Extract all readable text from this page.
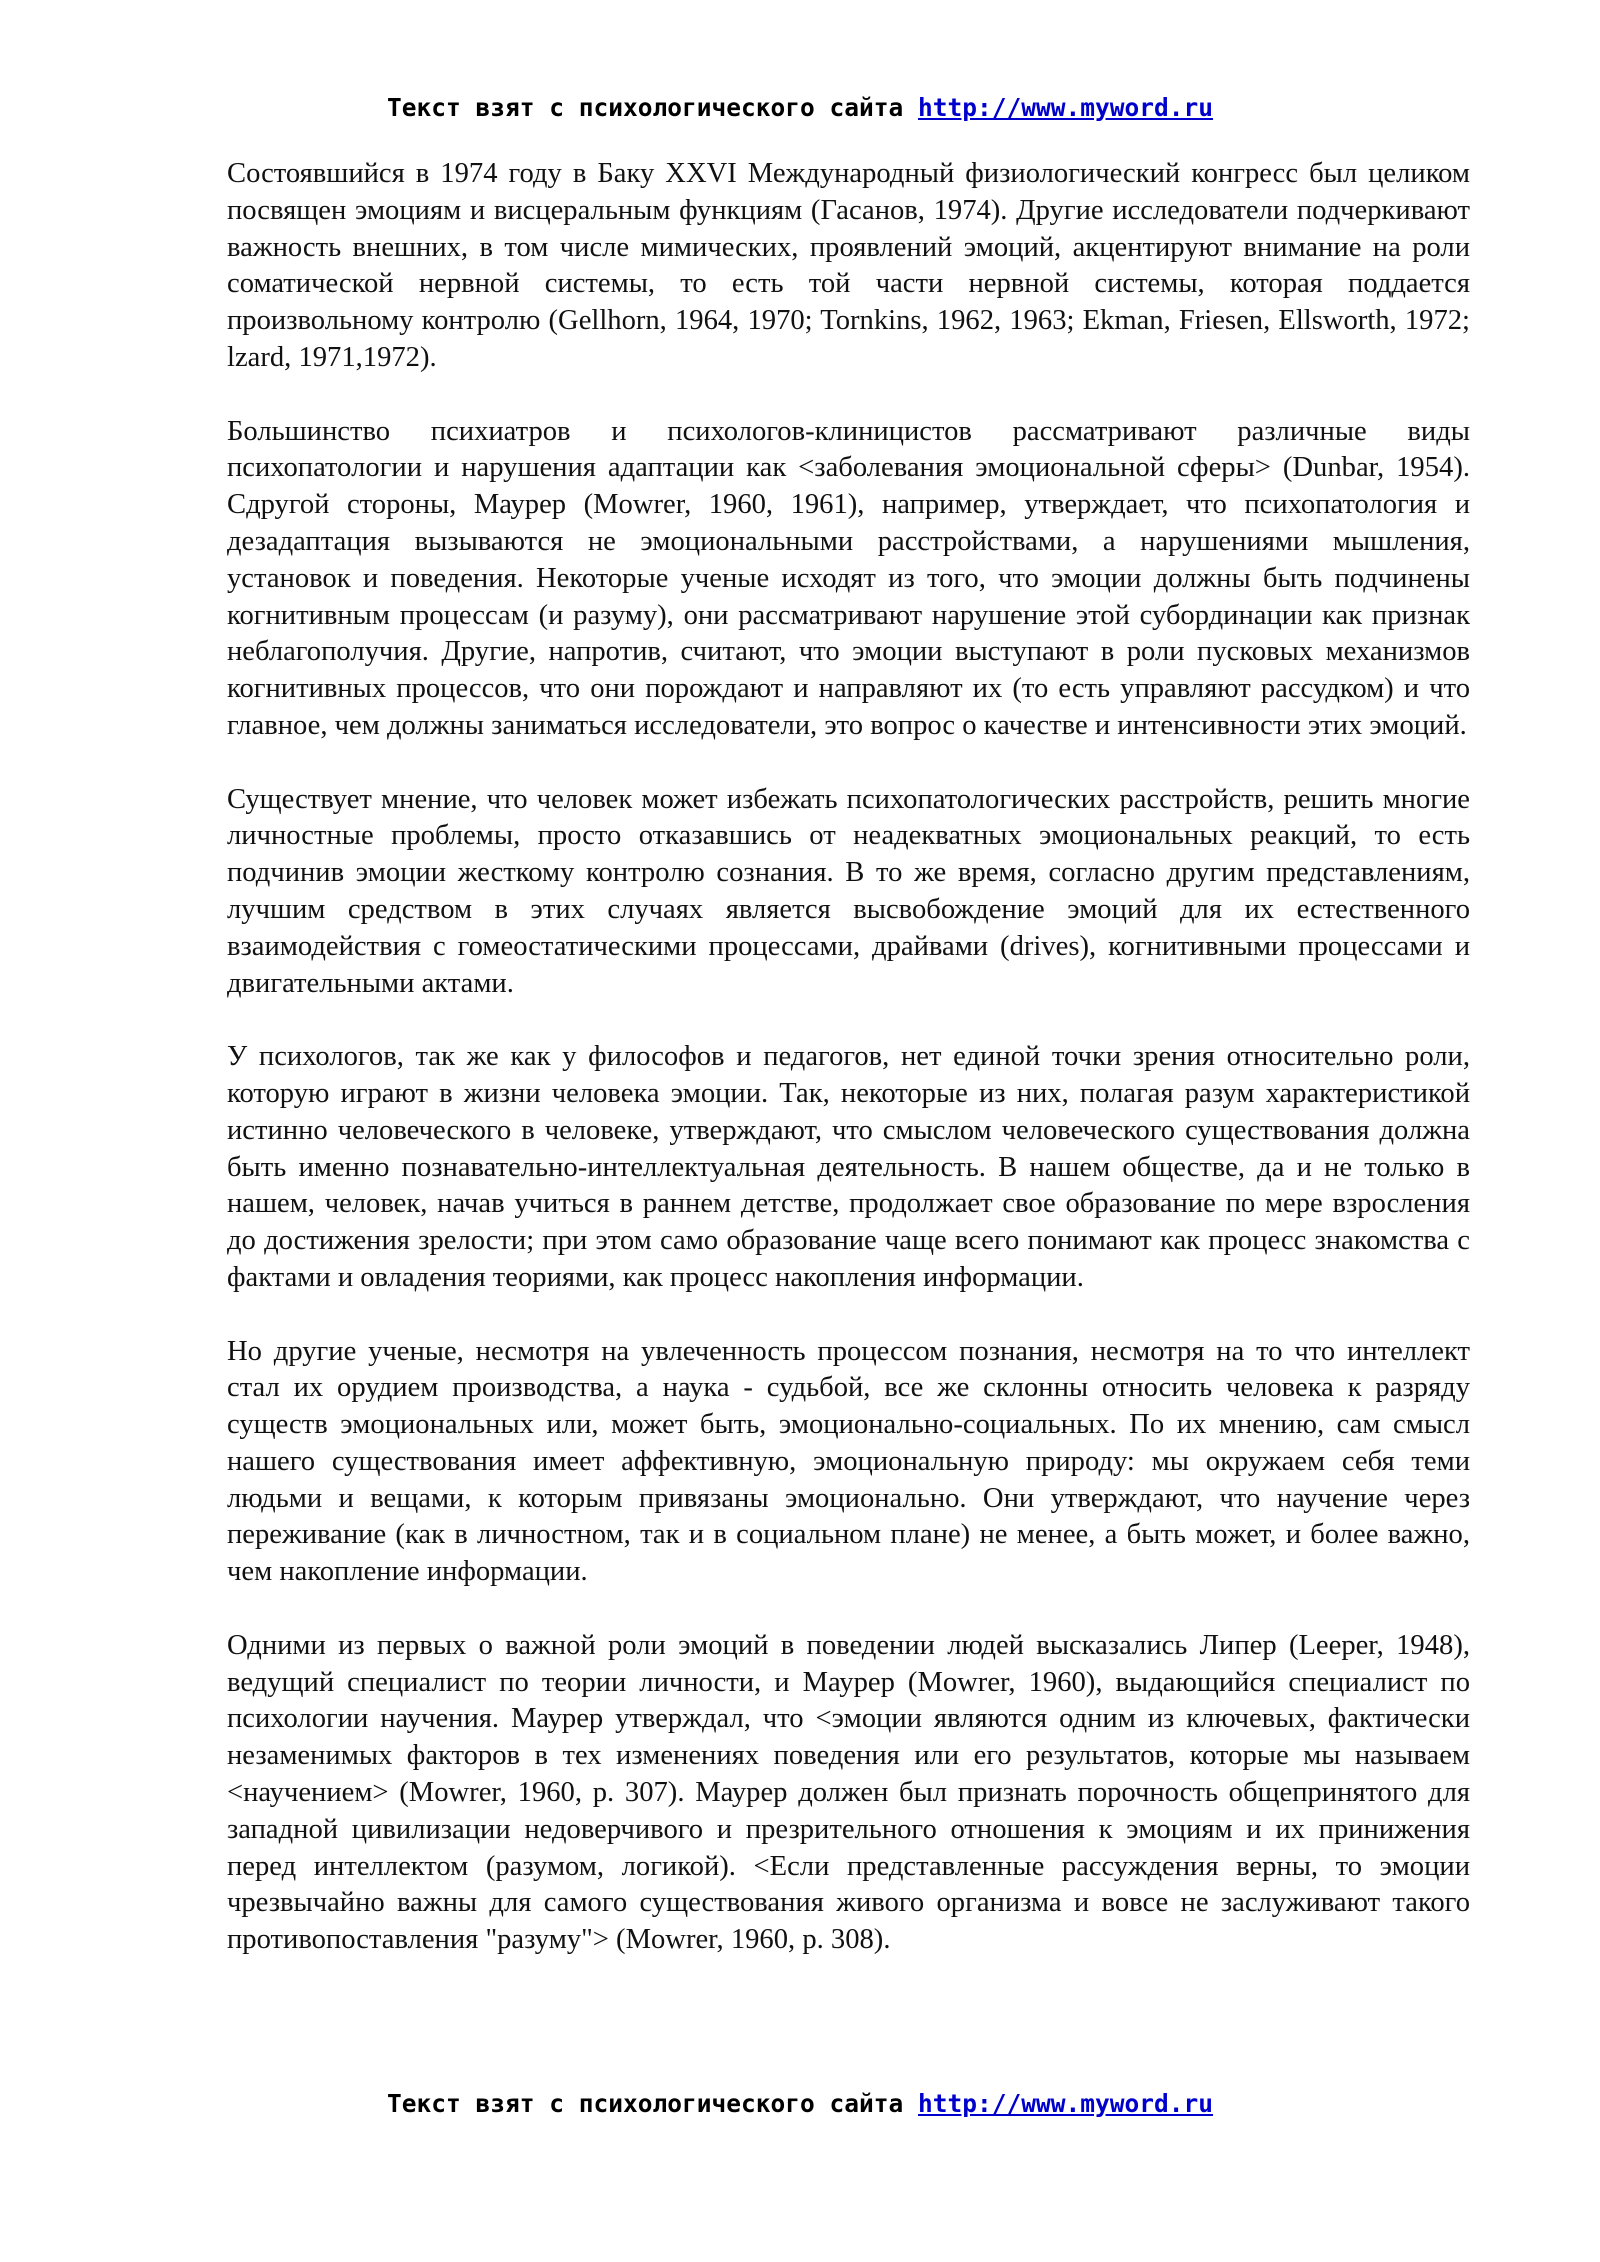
Текст взят с психологического сайта http://www.myword.ru

Состоявшийся в 1974 году в Баку XXVI Международный физиологический конгресс был целиком посвящен эмоциям и висцеральным функциям (Гасанов, 1974). Другие исследователи подчеркивают важность внешних, в том числе мимических, проявлений эмоций, акцентируют внимание на роли соматической нервной системы, то есть той части нервной системы, которая поддается произвольному контролю (Gellhorn, 1964, 1970; Tornkins, 1962, 1963; Ekman, Friesen, Ellsworth, 1972; lzard, 1971,1972).

Большинство психиатров и психологов-клиницистов рассматривают различные виды психопатологии и нарушения адаптации как <заболевания эмоциональной сферы> (Dunbar, 1954). Сдругой стороны, Маурер (Mowrer, 1960, 1961), например, утверждает, что психопатология и дезадаптация вызываются не эмоциональными расстройствами, а нарушениями мышления, установок и поведения. Некоторые ученые исходят из того, что эмоции должны быть подчинены когнитивным процессам (и разуму), они рассматривают нарушение этой субординации как признак неблагополучия. Другие, напротив, считают, что эмоции выступают в роли пусковых механизмов когнитивных процессов, что они порождают и направляют их (то есть управляют рассудком) и что главное, чем должны заниматься исследователи, это вопрос о качестве и интенсивности этих эмоций.

Существует мнение, что человек может избежать психопатологических расстройств, решить многие личностные проблемы, просто отказавшись от неадекватных эмоциональных реакций, то есть подчинив эмоции жесткому контролю сознания. В то же время, согласно другим представлениям, лучшим средством в этих случаях является высвобождение эмоций для их естественного взаимодействия с гомеостатическими процессами, драйвами (drives), когнитивными процессами и двигательными актами.

У психологов, так же как у философов и педагогов, нет единой точки зрения относительно роли, которую играют в жизни человека эмоции. Так, некоторые из них, полагая разум характеристикой истинно человеческого в человеке, утверждают, что смыслом человеческого существования должна быть именно познавательно-интеллектуальная деятельность. В нашем обществе, да и не только в нашем, человек, начав учиться в раннем детстве, продолжает свое образование по мере взросления до достижения зрелости; при этом само образование чаще всего понимают как процесс знакомства с фактами и овладения теориями, как процесс накопления информации.

Но другие ученые, несмотря на увлеченность процессом познания, несмотря на то что интеллект стал их орудием производства, а наука - судьбой, все же склонны относить человека к разряду существ эмоциональных или, может быть, эмоционально-социальных. По их мнению, сам смысл нашего существования имеет аффективную, эмоциональную природу: мы окружаем себя теми людьми и вещами, к которым привязаны эмоционально. Они утверждают, что научение через переживание (как в личностном, так и в социальном плане) не менее, а быть может, и более важно, чем накопление информации.

Одними из первых о важной роли эмоций в поведении людей высказались Липер (Leeper, 1948), ведущий специалист по теории личности, и Маурер (Mowrer, 1960), выдающийся специалист по психологии научения. Маурер утверждал, что <эмоции являются одним из ключевых, фактически незаменимых факторов в тех изменениях поведения или его результатов, которые мы называем <научением> (Mowrer, 1960, p. 307). Маурер должен был признать порочность общепринятого для западной цивилизации недоверчивого и презрительного отношения к эмоциям и их принижения перед интеллектом (разумом, логикой). <Если представленные рассуждения верны, то эмоции чрезвычайно важны для самого существования живого организма и вовсе не заслуживают такого противопоставления "разуму"> (Mowrer, 1960, p. 308).

Текст взят с психологического сайта http://www.myword.ru
